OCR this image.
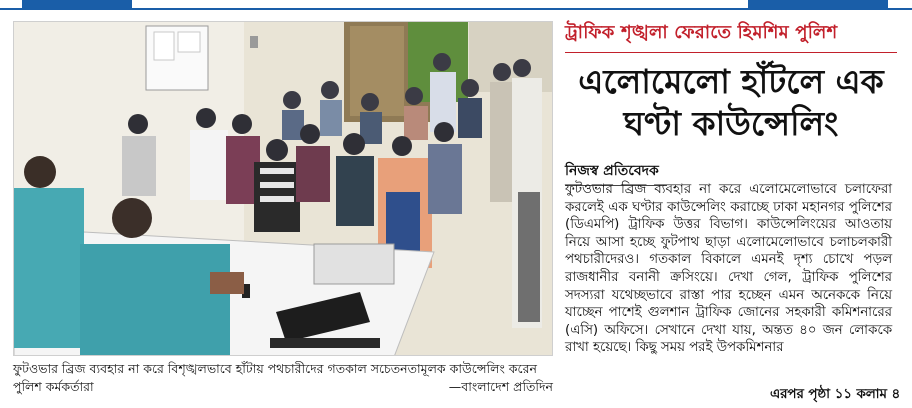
ফুটওভার ব্রিজ ব্যবহার না করে বিশৃঙ্খলভাবে হাঁটায় পথচারীদের গতকাল সচেতনতামূলক কাউন্সেলিং করেন পুলিশ কর্মকর্তারা	—বাংলাদেশ প্রতিদিন
ট্রাফিক শৃঙ্খলা ফেরাতে হিমশিম পুলিশ
এলোমেলো হাঁটলে এক ঘণ্টা কাউন্সেলিং
নিজস্ব প্রতিবেদক

ফুটওভার ব্রিজ ব্যবহার না করে এলোমেলোভাবে চলাফেরা করলেই এক ঘণ্টার কাউন্সেলিং করাচ্ছে ঢাকা মহানগর পুলিশের (ডিএমপি) ট্রাফিক উত্তর বিভাগ। কাউন্সেলিংয়ের আওতায় নিয়ে আসা হচ্ছে ফুটপাথ ছাড়া এলোমেলোভাবে চলাচলকারী পথচারীদেরও। গতকাল বিকালে এমনই দৃশ্য চোখে পড়ল রাজধানীর বনানী ক্রসিংয়ে। দেখা গেল, ট্রাফিক পুলিশের সদস্যরা যথেচ্ছভাবে রাস্তা পার হচ্ছেন এমন অনেককে নিয়ে যাচ্ছেন পাশেই গুলশান ট্রাফিক জোনের সহকারী কমিশনারের (এসি) অফিসে। সেখানে দেখা যায়, অন্তত ৪০ জন লোককে রাখা হয়েছে। কিছু সময় পরই উপকমিশনার

এরপর পৃষ্ঠা ১১ কলাম ৪
